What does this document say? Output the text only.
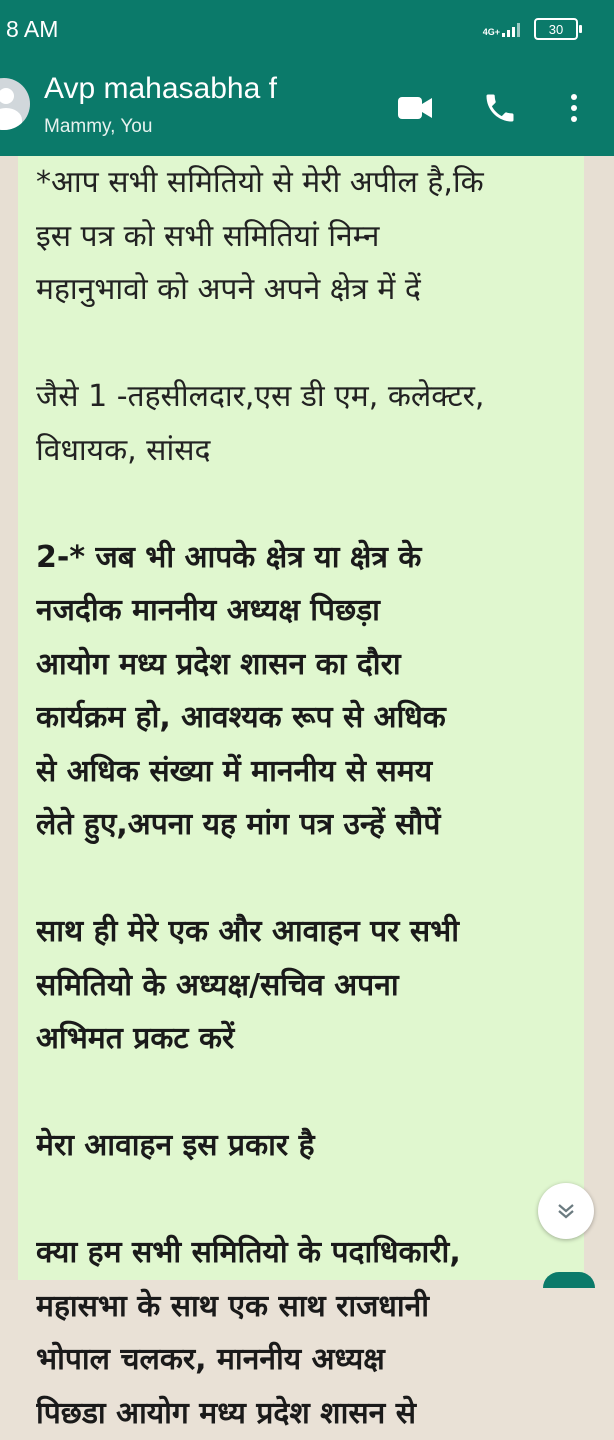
8 AM	4G+	30
Avp mahasabha f
Mammy, You
*आप सभी समितियो से मेरी अपील है,कि
इस पत्र को सभी समितियां निम्न
महानुभावो को अपने अपने क्षेत्र में दें

जैसे 1 -तहसीलदार,एस डी एम, कलेक्टर,
विधायक, सांसद

2-* जब भी आपके क्षेत्र या क्षेत्र के
नजदीक माननीय अध्यक्ष पिछड़ा
आयोग मध्य प्रदेश शासन का दौरा
कार्यक्रम हो, आवश्यक रूप से अधिक
से अधिक संख्या में माननीय से समय
लेते हुए,अपना यह मांग पत्र उन्हें सौपें

साथ ही मेरे एक और आवाहन पर सभी
समितियो के अध्यक्ष/सचिव अपना
अभिमत प्रकट करें

मेरा आवाहन इस प्रकार है

क्या हम सभी समितियो के पदाधिकारी,
महासभा के साथ एक साथ राजधानी
भोपाल चलकर, माननीय अध्यक्ष
पिछडा आयोग मध्य प्रदेश शासन से
